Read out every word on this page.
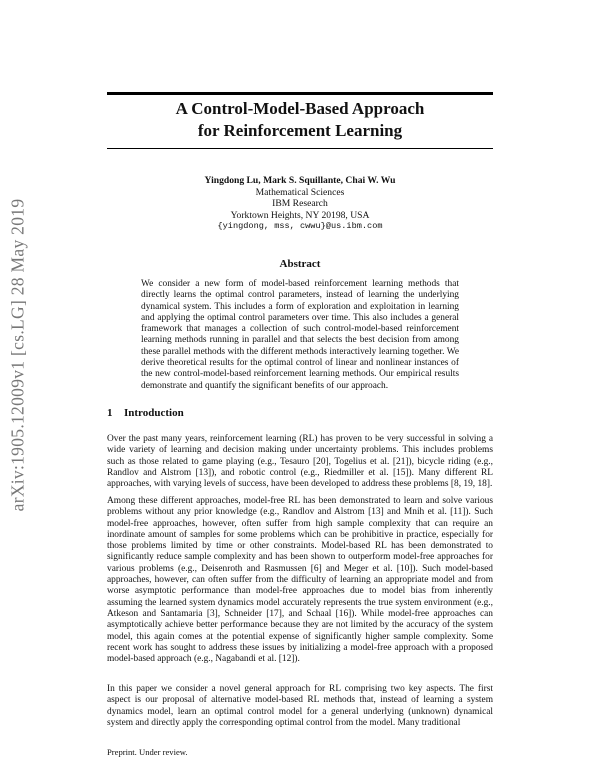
arXiv:1905.12009v1 [cs.LG] 28 May 2019
A Control-Model-Based Approach
for Reinforcement Learning
Yingdong Lu, Mark S. Squillante, Chai W. Wu
Mathematical Sciences
IBM Research
Yorktown Heights, NY 20198, USA
{yingdong, mss, cwwu}@us.ibm.com
Abstract
We consider a new form of model-based reinforcement learning methods that directly learns the optimal control parameters, instead of learning the underlying dynamical system. This includes a form of exploration and exploitation in learning and applying the optimal control parameters over time. This also includes a general framework that manages a collection of such control-model-based reinforcement learning methods running in parallel and that selects the best decision from among these parallel methods with the different methods interactively learning together. We derive theoretical results for the optimal control of linear and nonlinear instances of the new control-model-based reinforcement learning methods. Our empirical results demonstrate and quantify the significant benefits of our approach.
1 Introduction
Over the past many years, reinforcement learning (RL) has proven to be very successful in solving a wide variety of learning and decision making under uncertainty problems. This includes problems such as those related to game playing (e.g., Tesauro [20], Togelius et al. [21]), bicycle riding (e.g., Randlov and Alstrom [13]), and robotic control (e.g., Riedmiller et al. [15]). Many different RL approaches, with varying levels of success, have been developed to address these problems [8, 19, 18].
Among these different approaches, model-free RL has been demonstrated to learn and solve various problems without any prior knowledge (e.g., Randlov and Alstrom [13] and Mnih et al. [11]). Such model-free approaches, however, often suffer from high sample complexity that can require an inordinate amount of samples for some problems which can be prohibitive in practice, especially for those problems limited by time or other constraints. Model-based RL has been demonstrated to significantly reduce sample complexity and has been shown to outperform model-free approaches for various problems (e.g., Deisenroth and Rasmussen [6] and Meger et al. [10]). Such model-based approaches, however, can often suffer from the difficulty of learning an appropriate model and from worse asymptotic performance than model-free approaches due to model bias from inherently assuming the learned system dynamics model accurately represents the true system environment (e.g., Atkeson and Santamaria [3], Schneider [17], and Schaal [16]). While model-free approaches can asymptotically achieve better performance because they are not limited by the accuracy of the system model, this again comes at the potential expense of significantly higher sample complexity. Some recent work has sought to address these issues by initializing a model-free approach with a proposed model-based approach (e.g., Nagabandi et al. [12]).
In this paper we consider a novel general approach for RL comprising two key aspects. The first aspect is our proposal of alternative model-based RL methods that, instead of learning a system dynamics model, learn an optimal control model for a general underlying (unknown) dynamical system and directly apply the corresponding optimal control from the model. Many traditional
Preprint. Under review.
